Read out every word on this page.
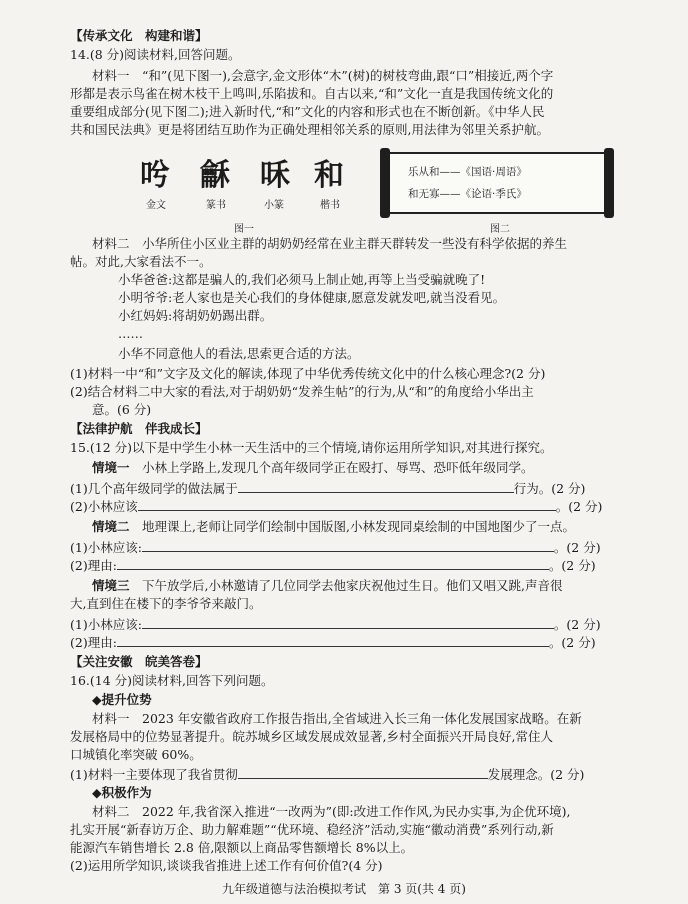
【传承文化　构建和谐】
14.(8 分)阅读材料,回答问题。
材料一　“和”(见下图一),会意字,金文形体“木”(树)的树枝弯曲,跟“口”相接近,两个字
形都是表示鸟雀在树木枝干上鸣叫,乐陷拔和。自古以来,“和”文化一直是我国传统文化的
重要组成部分(见下图二);进入新时代,“和”文化的内容和形式也在不断创新。《中华人民
共和国民法典》更是将团结互助作为正确处理相邻关系的原则,用法律为邻里关系护航。
𠯋 龢 咊 和
金文	篆书	小篆	楷书
图一
乐从和——《国语·周语》
和无寡——《论语·季氏》
图二
材料二　小华所住小区业主群的胡奶奶经常在业主群天群转发一些没有科学依据的养生
帖。对此,大家看法不一。
小华爸爸:这都是骗人的,我们必须马上制止她,再等上当受骗就晚了!
小明爷爷:老人家也是关心我们的身体健康,愿意发就发吧,就当没看见。
小红妈妈:将胡奶奶踢出群。
……
小华不同意他人的看法,思索更合适的方法。
(1)材料一中“和”文字及文化的解读,体现了中华优秀传统文化中的什么核心理念?(2 分)
(2)结合材料二中大家的看法,对于胡奶奶“发养生帖”的行为,从“和”的角度给小华出主
意。(6 分)
【法律护航　伴我成长】
15.(12 分)以下是中学生小林一天生活中的三个情境,请你运用所学知识,对其进行探究。
情境一　小林上学路上,发现几个高年级同学正在殴打、辱骂、恐吓低年级同学。
(1)几个高年级同学的做法属于	行为。(2 分)
(2)小林应该	。(2 分)
情境二　地理课上,老师让同学们绘制中国版图,小林发现同桌绘制的中国地图少了一点。
(1)小林应该:	。(2 分)
(2)理由:	。(2 分)
情境三　下午放学后,小林邀请了几位同学去他家庆祝他过生日。他们又唱又跳,声音很
大,直到住在楼下的李爷爷来敲门。
(1)小林应该:	。(2 分)
(2)理由:	。(2 分)
【关注安徽　皖美答卷】
16.(14 分)阅读材料,回答下列问题。
◆提升位势
材料一　2023 年安徽省政府工作报告指出,全省域进入长三角一体化发展国家战略。在新
发展格局中的位势显著提升。皖苏城乡区域发展成效显著,乡村全面振兴开局良好,常住人
口城镇化率突破 60%。
(1)材料一主要体现了我省贯彻	发展理念。(2 分)
◆积极作为
材料二　2022 年,我省深入推进“一改两为”(即:改进工作作风,为民办实事,为企优环境),
扎实开展“新春访万企、助力解难题”“优环境、稳经济”活动,实施“徽动消费”系列行动,新
能源汽车销售增长 2.8 倍,限额以上商品零售额增长 8%以上。
(2)运用所学知识,谈谈我省推进上述工作有何价值?(4 分)
九年级道德与法治模拟考试　第 3 页(共 4 页)
